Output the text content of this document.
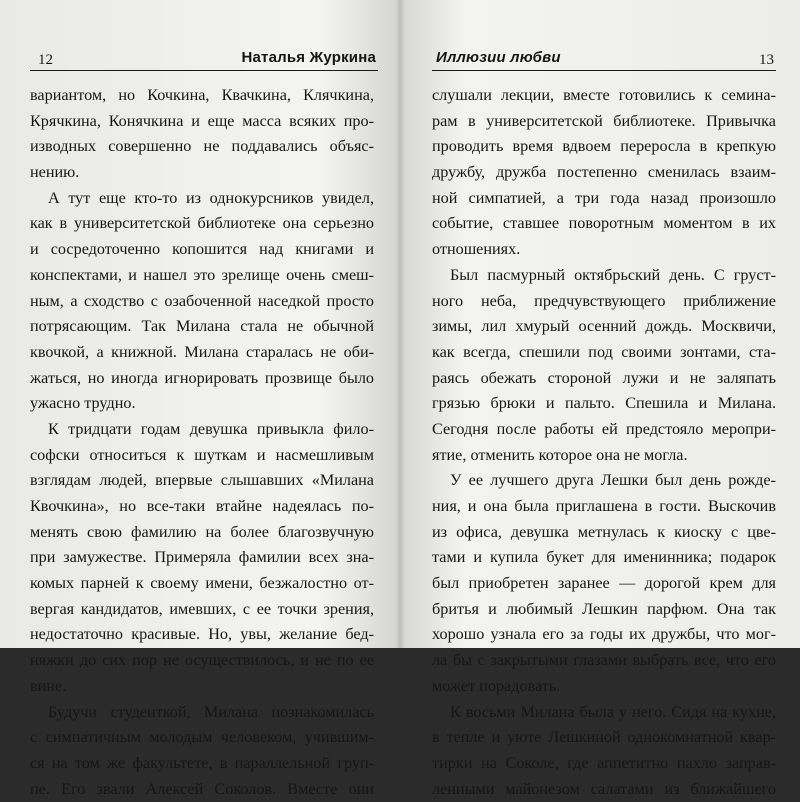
12	Наталья Журкина
вариантом, но Кочкина, Квачкина, Клячкина,
Крячкина, Конячкина и еще масса всяких про-
изводных совершенно не поддавались объяс-
нению.
А тут еще кто-то из однокурсников увидел,
как в университетской библиотеке она серьезно
и сосредоточенно копошится над книгами и
конспектами, и нашел это зрелище очень смеш-
ным, а сходство с озабоченной наседкой просто
потрясающим. Так Милана стала не обычной
квочкой, а книжной. Милана старалась не оби-
жаться, но иногда игнорировать прозвище было
ужасно трудно.
К тридцати годам девушка привыкла фило-
софски относиться к шуткам и насмешливым
взглядам людей, впервые слышавших «Милана
Квочкина», но все-таки втайне надеялась по-
менять свою фамилию на более благозвучную
при замужестве. Примеряла фамилии всех зна-
комых парней к своему имени, безжалостно от-
вергая кандидатов, имевших, с ее точки зрения,
недостаточно красивые. Но, увы, желание бед-
няжки до сих пор не осуществилось, и не по ее
вине.
Будучи студенткой, Милана познакомилась
с симпатичным молодым человеком, учившим-
ся на том же факультете, в параллельной груп-
пе. Его звали Алексей Соколов. Вместе они
Иллюзии любви	13
слушали лекции, вместе готовились к семина-
рам в университетской библиотеке. Привычка
проводить время вдвоем переросла в крепкую
дружбу, дружба постепенно сменилась взаим-
ной симпатией, а три года назад произошло
событие, ставшее поворотным моментом в их
отношениях.
Был пасмурный октябрьский день. С груст-
ного неба, предчувствующего приближение
зимы, лил хмурый осенний дождь. Москвичи,
как всегда, спешили под своими зонтами, ста-
раясь обежать стороной лужи и не заляпать
грязью брюки и пальто. Спешила и Милана.
Сегодня после работы ей предстояло меропри-
ятие, отменить которое она не могла.
У ее лучшего друга Лешки был день рожде-
ния, и она была приглашена в гости. Выскочив
из офиса, девушка метнулась к киоску с цве-
тами и купила букет для именинника; подарок
был приобретен заранее — дорогой крем для
бритья и любимый Лешкин парфюм. Она так
хорошо узнала его за годы их дружбы, что мог-
ла бы с закрытыми глазами выбрать все, что его
может порадовать.
К восьми Милана была у него. Сидя на кухне,
в тепле и уюте Лешкиной однокомнатной квар-
тирки на Соколе, где аппетитно пахло заправ-
ленными майонезом салатами из ближайшего
